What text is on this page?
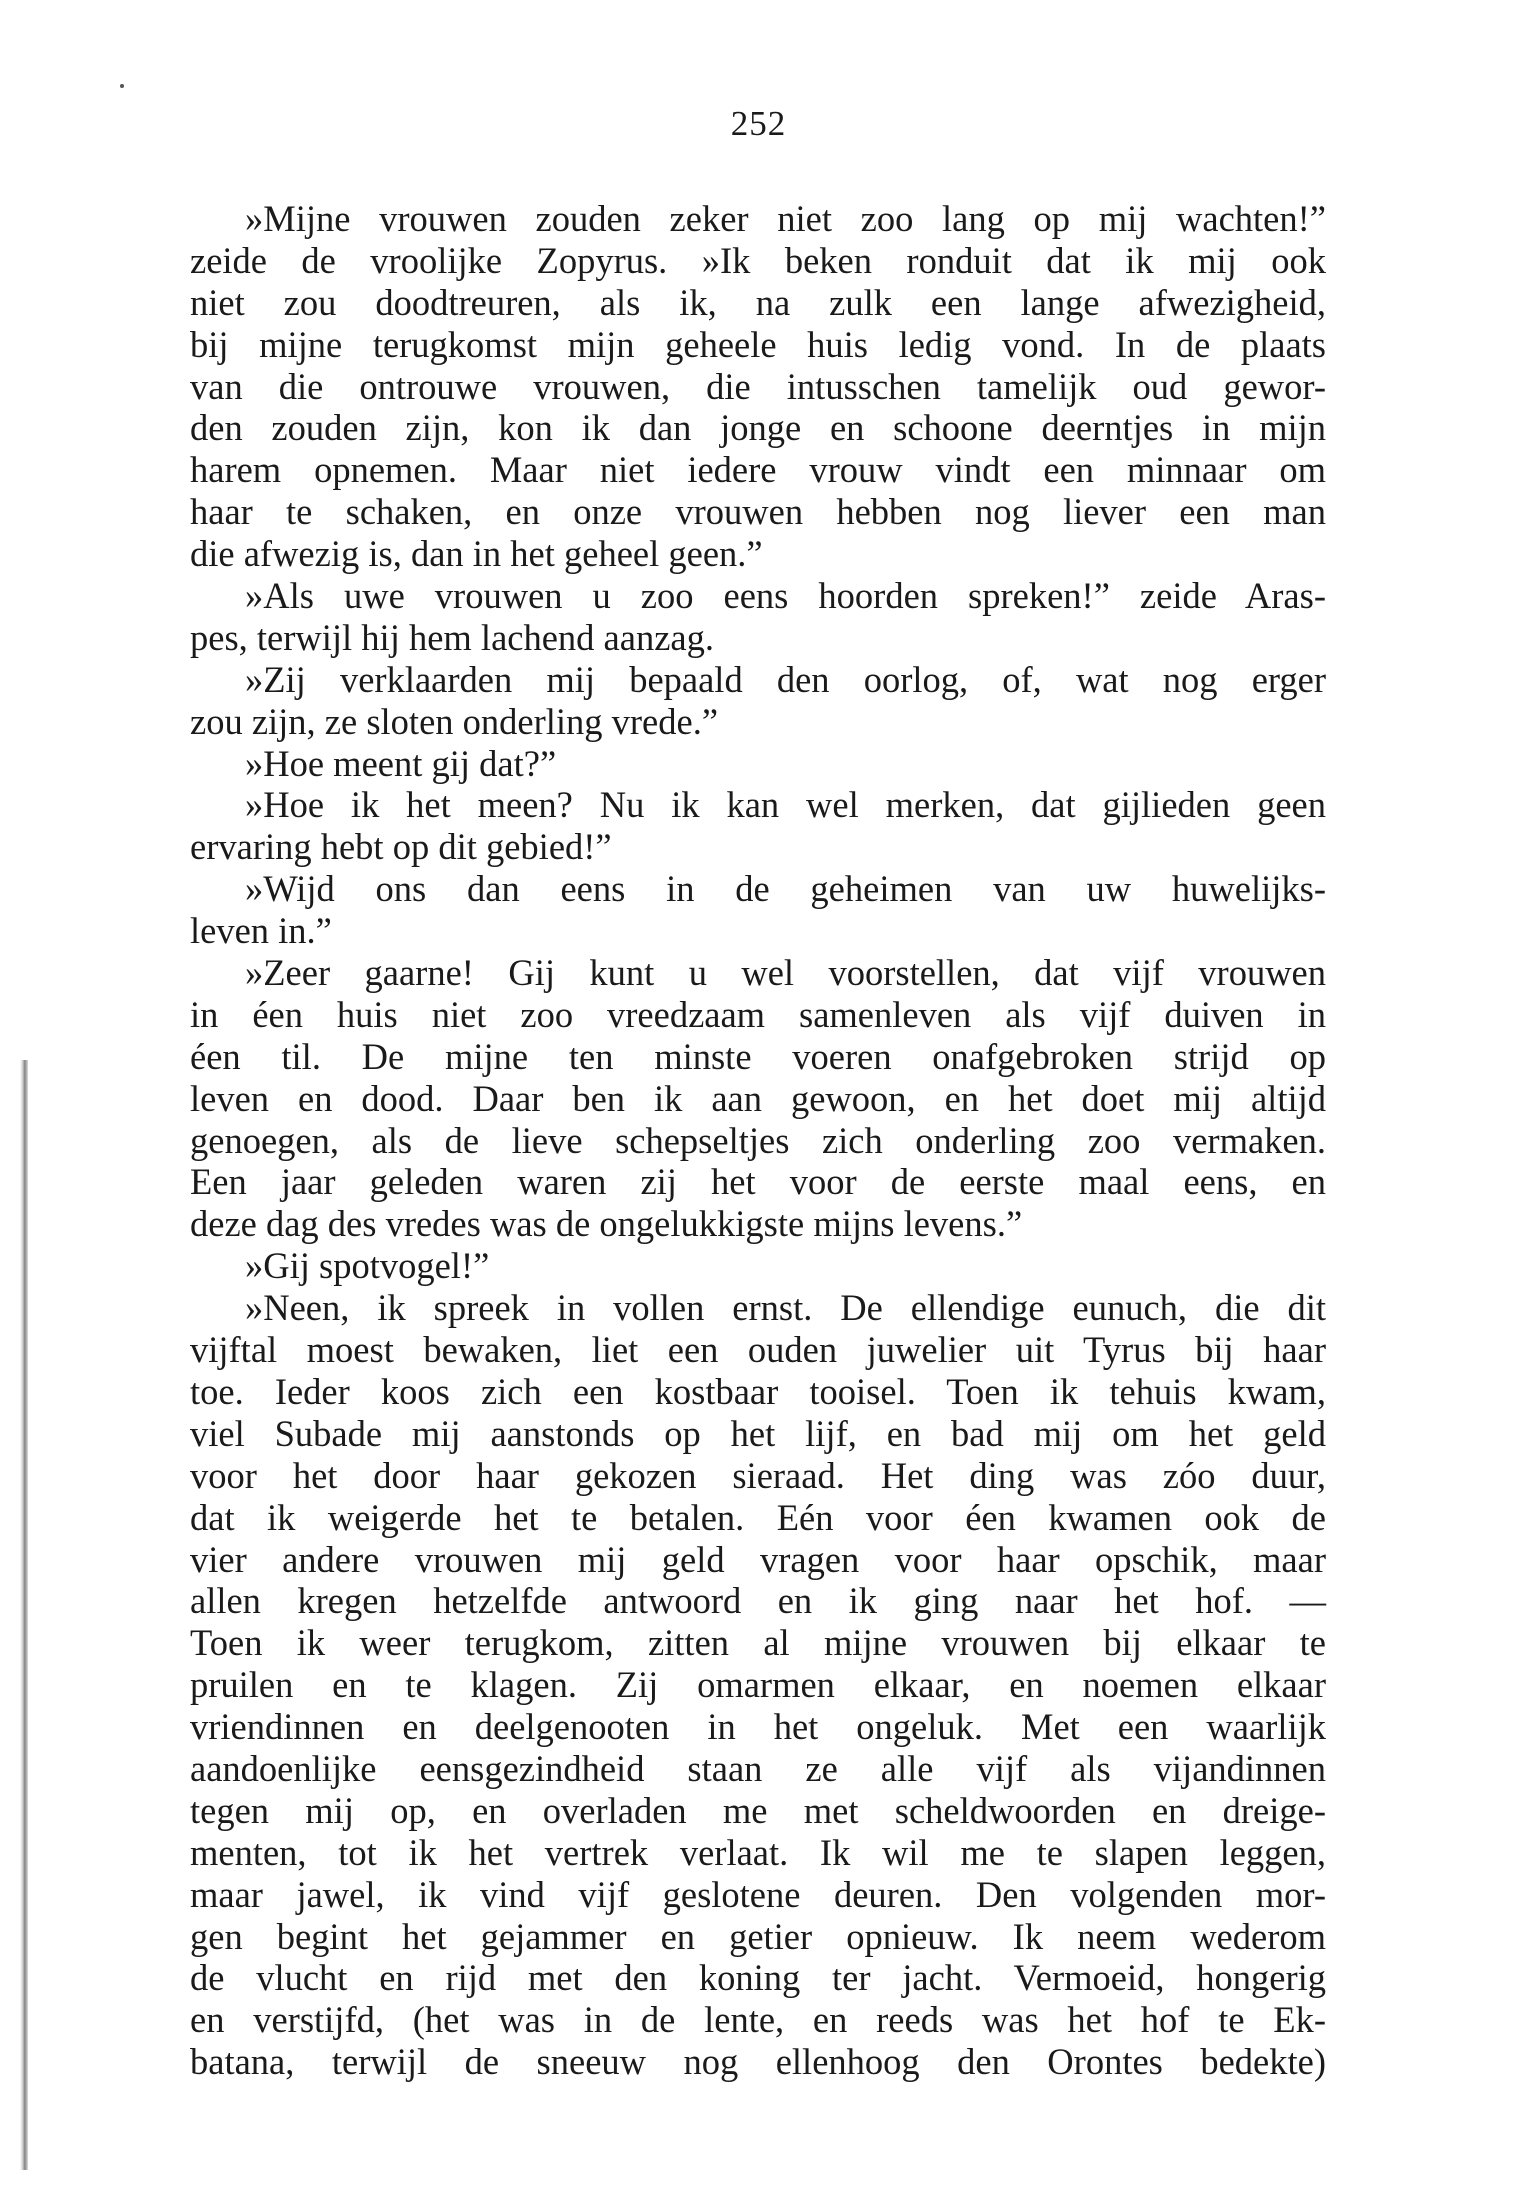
252
»Mijne vrouwen zouden zeker niet zoo lang op mij wachten!”
zeide de vroolijke Zopyrus. »Ik beken ronduit dat ik mij ook
niet zou doodtreuren, als ik, na zulk een lange afwezigheid,
bij mijne terugkomst mijn geheele huis ledig vond. In de plaats
van die ontrouwe vrouwen, die intusschen tamelijk oud gewor-
den zouden zijn, kon ik dan jonge en schoone deerntjes in mijn
harem opnemen. Maar niet iedere vrouw vindt een minnaar om
haar te schaken, en onze vrouwen hebben nog liever een man
die afwezig is, dan in het geheel geen.”
»Als uwe vrouwen u zoo eens hoorden spreken!” zeide Aras-
pes, terwijl hij hem lachend aanzag.
»Zij verklaarden mij bepaald den oorlog, of, wat nog erger
zou zijn, ze sloten onderling vrede.”
»Hoe meent gij dat?”
»Hoe ik het meen? Nu ik kan wel merken, dat gijlieden geen
ervaring hebt op dit gebied!”
»Wijd ons dan eens in de geheimen van uw huwelijks-
leven in.”
»Zeer gaarne! Gij kunt u wel voorstellen, dat vijf vrouwen
in éen huis niet zoo vreedzaam samenleven als vijf duiven in
éen til. De mijne ten minste voeren onafgebroken strijd op
leven en dood. Daar ben ik aan gewoon, en het doet mij altijd
genoegen, als de lieve schepseltjes zich onderling zoo vermaken.
Een jaar geleden waren zij het voor de eerste maal eens, en
deze dag des vredes was de ongelukkigste mijns levens.”
»Gij spotvogel!”
»Neen, ik spreek in vollen ernst. De ellendige eunuch, die dit
vijftal moest bewaken, liet een ouden juwelier uit Tyrus bij haar
toe. Ieder koos zich een kostbaar tooisel. Toen ik tehuis kwam,
viel Subade mij aanstonds op het lijf, en bad mij om het geld
voor het door haar gekozen sieraad. Het ding was zóo duur,
dat ik weigerde het te betalen. Eén voor éen kwamen ook de
vier andere vrouwen mij geld vragen voor haar opschik, maar
allen kregen hetzelfde antwoord en ik ging naar het hof. —
Toen ik weer terugkom, zitten al mijne vrouwen bij elkaar te
pruilen en te klagen. Zij omarmen elkaar, en noemen elkaar
vriendinnen en deelgenooten in het ongeluk. Met een waarlijk
aandoenlijke eensgezindheid staan ze alle vijf als vijandinnen
tegen mij op, en overladen me met scheldwoorden en dreige-
menten, tot ik het vertrek verlaat. Ik wil me te slapen leggen,
maar jawel, ik vind vijf geslotene deuren. Den volgenden mor-
gen begint het gejammer en getier opnieuw. Ik neem wederom
de vlucht en rijd met den koning ter jacht. Vermoeid, hongerig
en verstijfd, (het was in de lente, en reeds was het hof te Ek-
batana, terwijl de sneeuw nog ellenhoog den Orontes bedekte)
